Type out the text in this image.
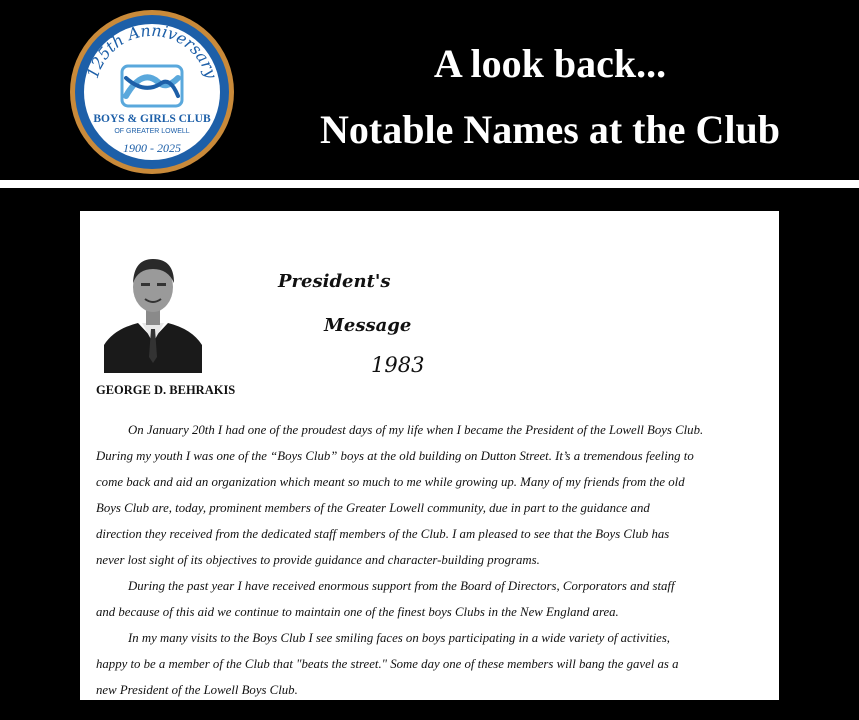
125th Anniversary
BOYS & GIRLS CLUB
OF GREATER LOWELL
1900 - 2025
A look back...
Notable Names at the Club
President's
Message
1983
GEORGE D. BEHRAKIS

On January 20th I had one of the proudest days of my life when I became the President of the Lowell Boys Club.

During my youth I was one of the “Boys Club” boys at the old building on Dutton Street. It’s a tremendous feeling to

come back and aid an organization which meant so much to me while growing up. Many of my friends from the old

Boys Club are, today, prominent members of the Greater Lowell community, due in part to the guidance and

direction they received from the dedicated staff members of the Club. I am pleased to see that the Boys Club has

never lost sight of its objectives to provide guidance and character-building programs.

During the past year I have received enormous support from the Board of Directors, Corporators and staff

and because of this aid we continue to maintain one of the finest boys Clubs in the New England area.

In my many visits to the Boys Club I see smiling faces on boys participating in a wide variety of activities,

happy to be a member of the Club that "beats the street." Some day one of these members will bang the gavel as a

new President of the Lowell Boys Club.
